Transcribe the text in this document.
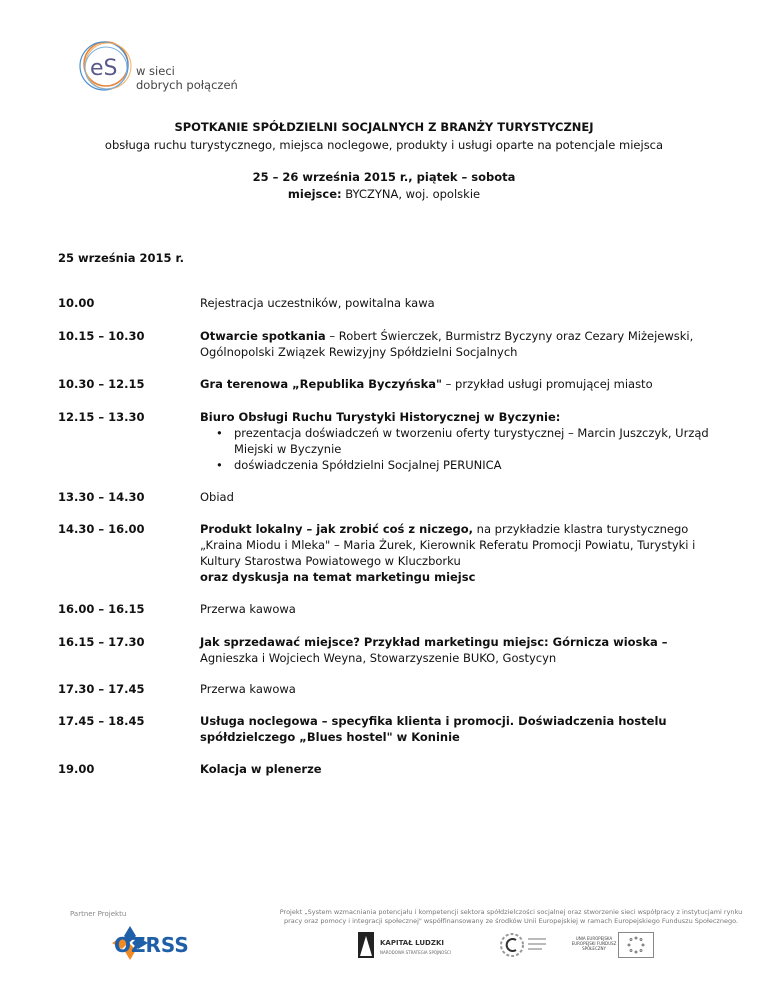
eS w sieci
dobrych połączeń
SPOTKANIE SPÓŁDZIELNI SOCJALNYCH Z BRANŻY TURYSTYCZNEJ
obsługa ruchu turystycznego, miejsca noclegowe, produkty i usługi oparte na potencjale miejsca
25 – 26 września 2015 r., piątek – sobota
miejsce: BYCZYNA, woj. opolskie
25 września 2015 r.
10.00	Rejestracja uczestników, powitalna kawa
10.15 – 10.30	Otwarcie spotkania – Robert Świerczek, Burmistrz Byczyny oraz Cezary Miżejewski, Ogólnopolski Związek Rewizyjny Spółdzielni Socjalnych
10.30 – 12.15	Gra terenowa „Republika Byczyńska" – przykład usługi promującej miasto
12.15 – 13.30	Biuro Obsługi Ruchu Turystyki Historycznej w Byczynie:
• prezentacja doświadczeń w tworzeniu oferty turystycznej – Marcin Juszczyk, Urząd Miejski w Byczynie
• doświadczenia Spółdzielni Socjalnej PERUNICA
13.30 – 14.30	Obiad
14.30 – 16.00	Produkt lokalny – jak zrobić coś z niczego, na przykładzie klastra turystycznego „Kraina Miodu i Mleka" – Maria Żurek, Kierownik Referatu Promocji Powiatu, Turystyki i Kultury Starostwa Powiatowego w Kluczborku
oraz dyskusja na temat marketingu miejsc
16.00 – 16.15	Przerwa kawowa
16.15 – 17.30	Jak sprzedawać miejsce? Przykład marketingu miejsc: Górnicza wioska – Agnieszka i Wojciech Weyna, Stowarzyszenie BUKO, Gostycyn
17.30 – 17.45	Przerwa kawowa
17.45 – 18.45	Usługa noclegowa – specyfika klienta i promocji. Doświadczenia hostelu spółdzielczego „Blues hostel" w Koninie
19.00	Kolacja w plenerze
Partner Projektu
OZRSS
Projekt „System wzmacniania potencjału i kompetencji sektora spółdzielczości socjalnej oraz stworzenie sieci współpracy z instytucjami rynku pracy oraz pomocy i integracji społecznej" współfinansowany ze środków Unii Europejskiej w ramach Europejskiego Funduszu Społecznego.
KAPITAŁ LUDZKI
NARODOWA STRATEGIA SPÓJNOŚCI
UNIA EUROPEJSKA EUROPEJSKI FUNDUSZ SPOŁECZNY
